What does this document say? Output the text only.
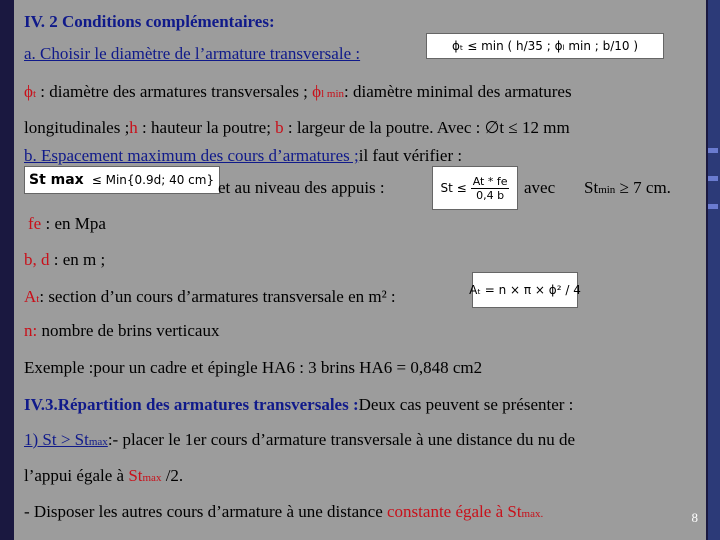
IV. 2 Conditions complémentaires:
a. Choisir le diamètre de l’armature transversale :	ϕₜ ≤ min ( h/35 ; ϕₗ min ; b/10 )
ϕt : diamètre des armatures transversales ; ϕl min: diamètre minimal des armatures
longitudinales ;h : hauteur la poutre; b : largeur de la poutre. Avec : ∅t ≤ 12 mm
b. Espacement maximum des cours d’armatures ;il faut vérifier :
St max ≤ Min{0.9d; 40 cm} et au niveau des appuis :	$St \le \frac{At * fe}{0,4 b}$ avec Stmin ≥ 7 cm.
fe : en Mpa
b, d : en m ;
At: section d’un cours d’armatures transversale en m² :	Aₜ = n × π × ϕ² / 4
n: nombre de brins verticaux
Exemple :pour un cadre et épingle HA6 : 3 brins HA6 = 0,848 cm2
IV.3.Répartition des armatures transversales :Deux cas peuvent se présenter :
1) St > Stmax:- placer le 1er cours d’armature transversale à une distance du nu de
l’appui égale à Stmax /2.
- Disposer les autres cours d’armature à une distance constante égale à Stmax.	8
